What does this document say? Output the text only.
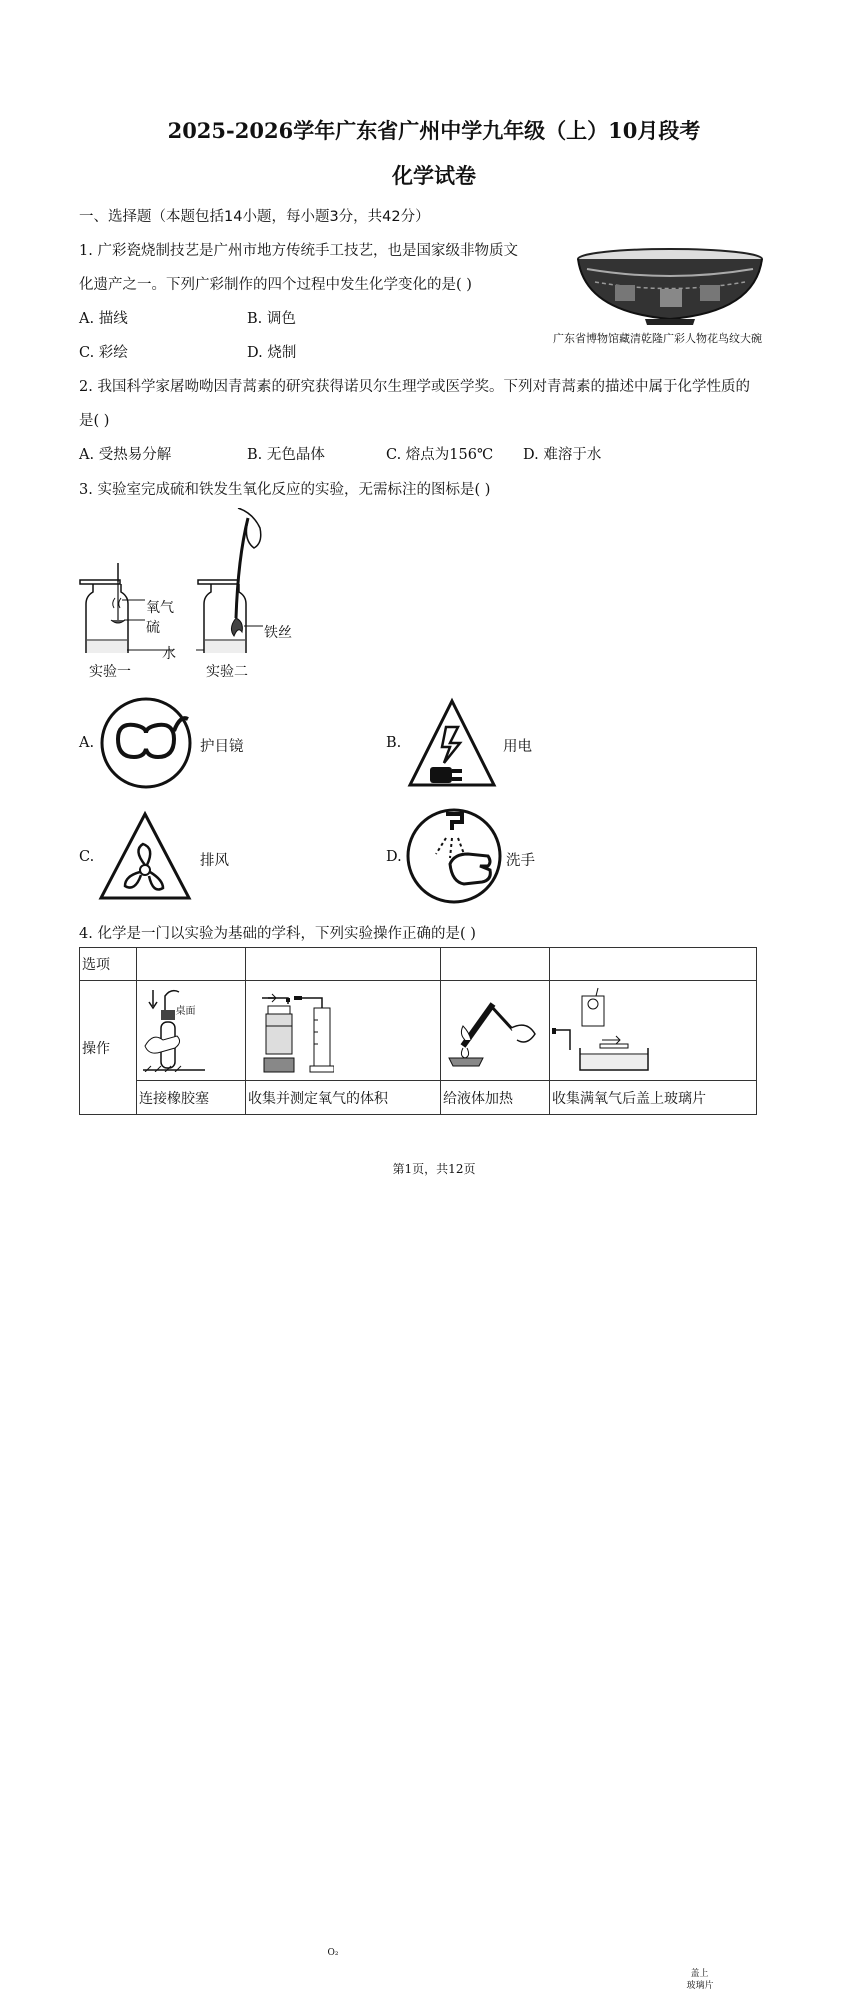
2025-2026学年广东省广州中学九年级（上）10月段考
化学试卷
一、选择题（本题包括14小题，每小题3分，共42分）
1. 广彩瓷烧制技艺是广州市地方传统手工技艺，也是国家级非物质文
化遗产之一。下列广彩制作的四个过程中发生化学变化的是( )
A. 描线	B. 调色
C. 彩绘	D. 烧制
广东省博物馆藏清乾隆广彩人物花鸟纹大碗
2. 我国科学家屠呦呦因青蒿素的研究获得诺贝尔生理学或医学奖。下列对青蒿素的描述中属于化学性质的
是( )
A. 受热易分解	B. 无色晶体	C. 熔点为156℃ D. 难溶于水
3. 实验室完成硫和铁发生氧化反应的实验，无需标注的图标是( )
氧气
硫	铁丝
水
实验一	实验二
A.	护目镜	B.	用电
C.	排风	D.	洗手
4. 化学是一门以实验为基础的学科，下列实验操作正确的是( )
选项				
操作	桌面	O₂		盖上
玻璃片

	连接橡胶塞	收集并测定氧气的体积	给液体加热	收集满氧气后盖上玻璃片
第1页，共12页
